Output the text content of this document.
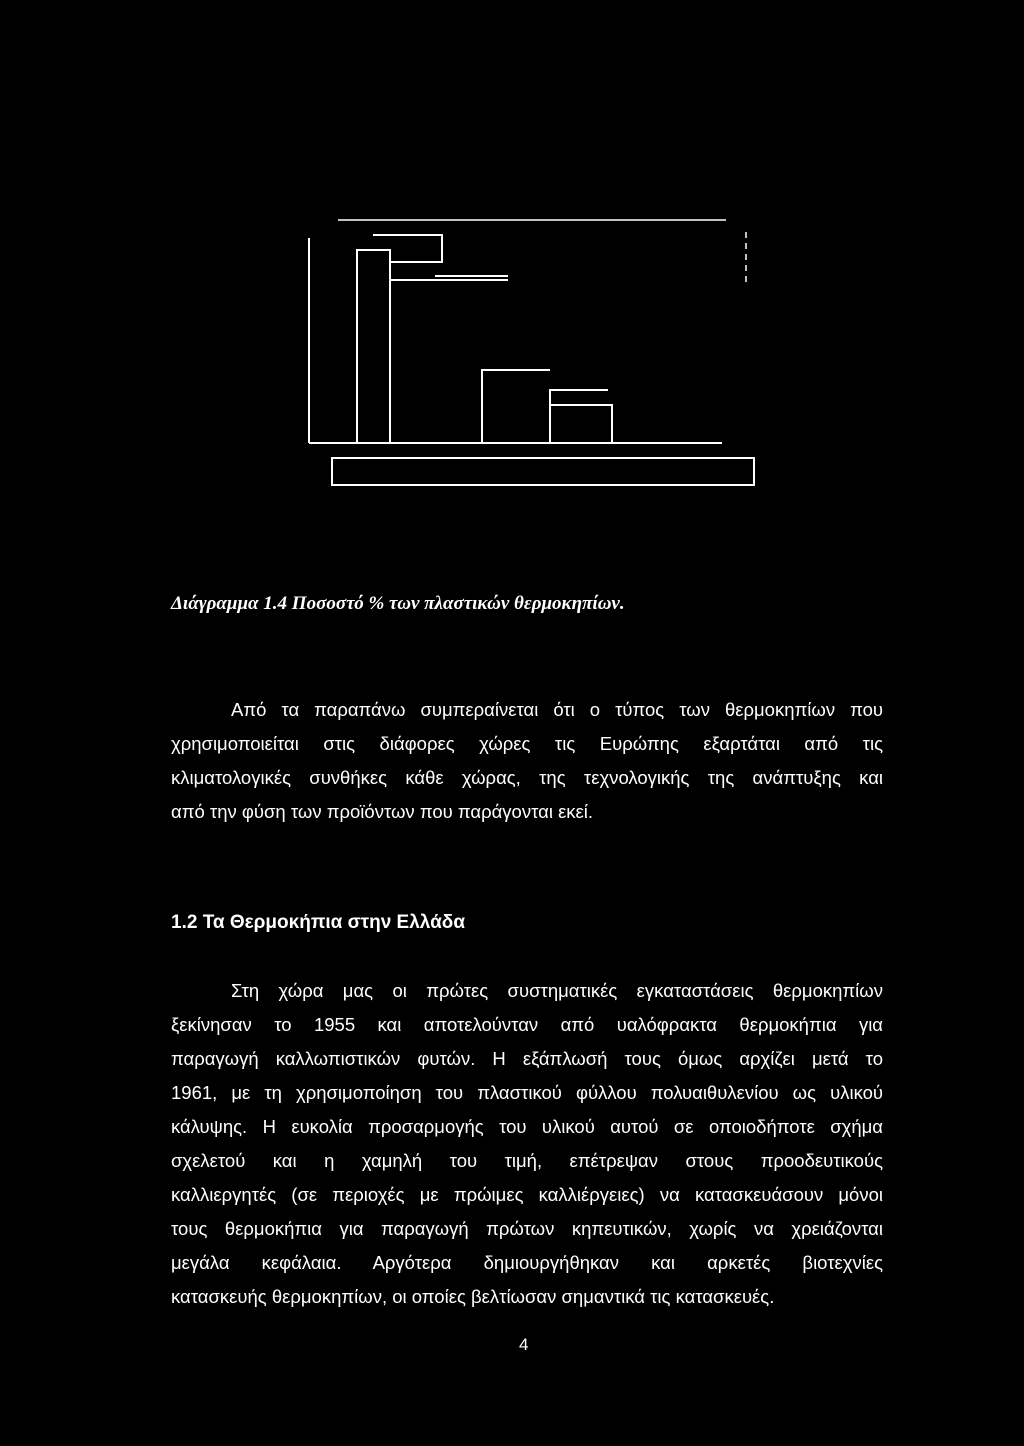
Διάγραμμα 1.4 Ποσοστό % των πλαστικών θερμοκηπίων.
Από τα παραπάνω συμπεραίνεται ότι ο τύπος των θερμοκηπίων που
χρησιμοποιείται στις διάφορες χώρες τις Ευρώπης εξαρτάται από τις
κλιματολογικές συνθήκες κάθε χώρας, της τεχνολογικής της ανάπτυξης και
από την φύση των προϊόντων που παράγονται εκεί.
1.2 Τα Θερμοκήπια στην Ελλάδα
Στη χώρα μας οι πρώτες συστηματικές εγκαταστάσεις θερμοκηπίων
ξεκίνησαν το 1955 και αποτελούνταν από υαλόφρακτα θερμοκήπια για
παραγωγή καλλωπιστικών φυτών. Η εξάπλωσή τους όμως αρχίζει μετά το
1961, με τη χρησιμοποίηση του πλαστικού φύλλου πολυαιθυλενίου ως υλικού
κάλυψης. Η ευκολία προσαρμογής του υλικού αυτού σε οποιοδήποτε σχήμα
σχελετού και η χαμηλή του τιμή, επέτρεψαν στους προοδευτικούς
καλλιεργητές (σε περιοχές με πρώιμες καλλιέργειες) να κατασκευάσουν μόνοι
τους θερμοκήπια για παραγωγή πρώτων κηπευτικών, χωρίς να χρειάζονται
μεγάλα κεφάλαια. Αργότερα δημιουργήθηκαν και αρκετές βιοτεχνίες
κατασκευής θερμοκηπίων, οι οποίες βελτίωσαν σημαντικά τις κατασκευές.
4
